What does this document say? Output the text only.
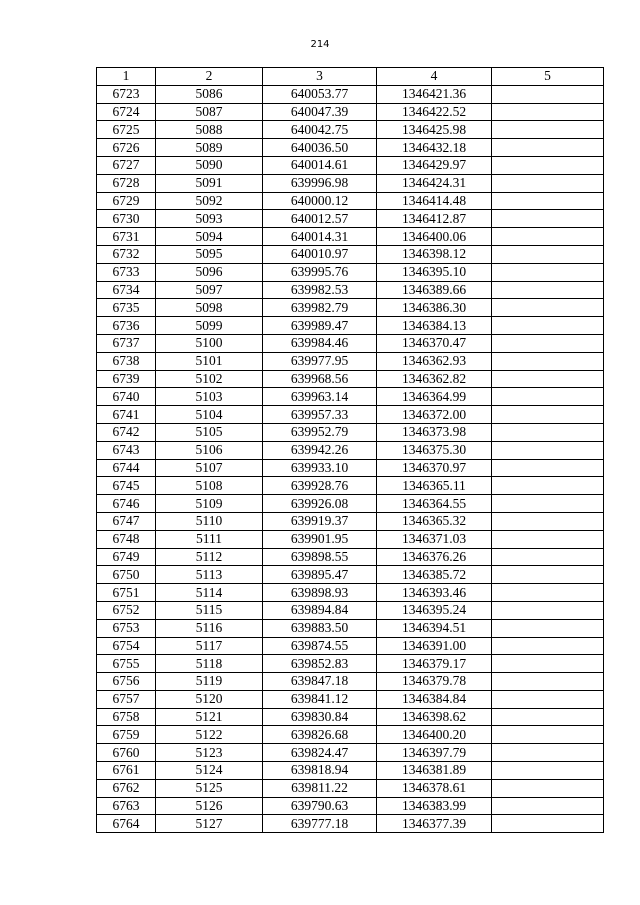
214
1	2	3	4	5
6723	5086	640053.77	1346421.36	
6724	5087	640047.39	1346422.52	
6725	5088	640042.75	1346425.98	
6726	5089	640036.50	1346432.18	
6727	5090	640014.61	1346429.97	
6728	5091	639996.98	1346424.31	
6729	5092	640000.12	1346414.48	
6730	5093	640012.57	1346412.87	
6731	5094	640014.31	1346400.06	
6732	5095	640010.97	1346398.12	
6733	5096	639995.76	1346395.10	
6734	5097	639982.53	1346389.66	
6735	5098	639982.79	1346386.30	
6736	5099	639989.47	1346384.13	
6737	5100	639984.46	1346370.47	
6738	5101	639977.95	1346362.93	
6739	5102	639968.56	1346362.82	
6740	5103	639963.14	1346364.99	
6741	5104	639957.33	1346372.00	
6742	5105	639952.79	1346373.98	
6743	5106	639942.26	1346375.30	
6744	5107	639933.10	1346370.97	
6745	5108	639928.76	1346365.11	
6746	5109	639926.08	1346364.55	
6747	5110	639919.37	1346365.32	
6748	5111	639901.95	1346371.03	
6749	5112	639898.55	1346376.26	
6750	5113	639895.47	1346385.72	
6751	5114	639898.93	1346393.46	
6752	5115	639894.84	1346395.24	
6753	5116	639883.50	1346394.51	
6754	5117	639874.55	1346391.00	
6755	5118	639852.83	1346379.17	
6756	5119	639847.18	1346379.78	
6757	5120	639841.12	1346384.84	
6758	5121	639830.84	1346398.62	
6759	5122	639826.68	1346400.20	
6760	5123	639824.47	1346397.79	
6761	5124	639818.94	1346381.89	
6762	5125	639811.22	1346378.61	
6763	5126	639790.63	1346383.99	
6764	5127	639777.18	1346377.39	
